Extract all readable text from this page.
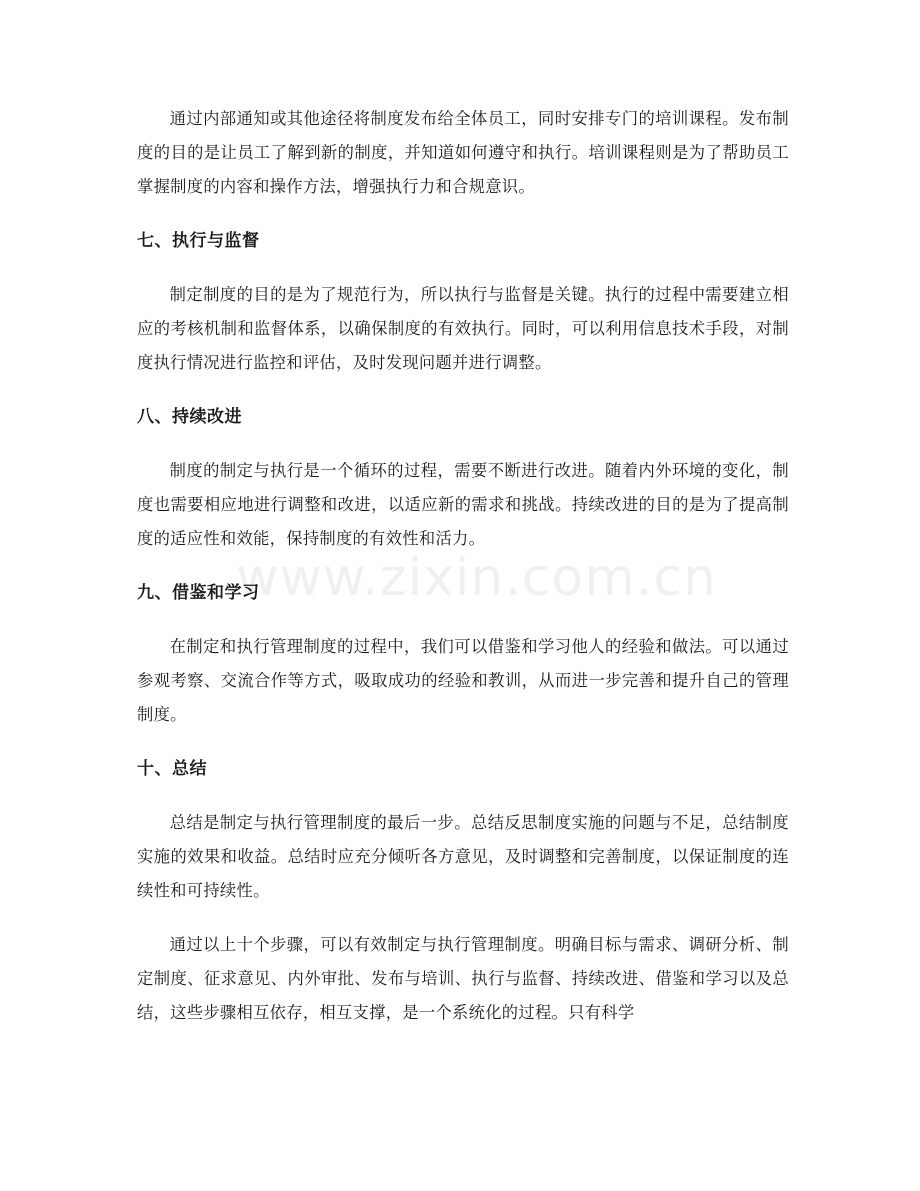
www.zixin.com.cn

通过内部通知或其他途径将制度发布给全体员工，同时安排专门的培训课程。发布制度的目的是让员工了解到新的制度，并知道如何遵守和执行。培训课程则是为了帮助员工掌握制度的内容和操作方法，增强执行力和合规意识。

七、执行与监督

制定制度的目的是为了规范行为，所以执行与监督是关键。执行的过程中需要建立相应的考核机制和监督体系，以确保制度的有效执行。同时，可以利用信息技术手段，对制度执行情况进行监控和评估，及时发现问题并进行调整。

八、持续改进

制度的制定与执行是一个循环的过程，需要不断进行改进。随着内外环境的变化，制度也需要相应地进行调整和改进，以适应新的需求和挑战。持续改进的目的是为了提高制度的适应性和效能，保持制度的有效性和活力。

九、借鉴和学习

在制定和执行管理制度的过程中，我们可以借鉴和学习他人的经验和做法。可以通过参观考察、交流合作等方式，吸取成功的经验和教训，从而进一步完善和提升自己的管理制度。

十、总结

总结是制定与执行管理制度的最后一步。总结反思制度实施的问题与不足，总结制度实施的效果和收益。总结时应充分倾听各方意见，及时调整和完善制度，以保证制度的连续性和可持续性。

通过以上十个步骤，可以有效制定与执行管理制度。明确目标与需求、调研分析、制定制度、征求意见、内外审批、发布与培训、执行与监督、持续改进、借鉴和学习以及总结，这些步骤相互依存，相互支撑，是一个系统化的过程。只有科学
